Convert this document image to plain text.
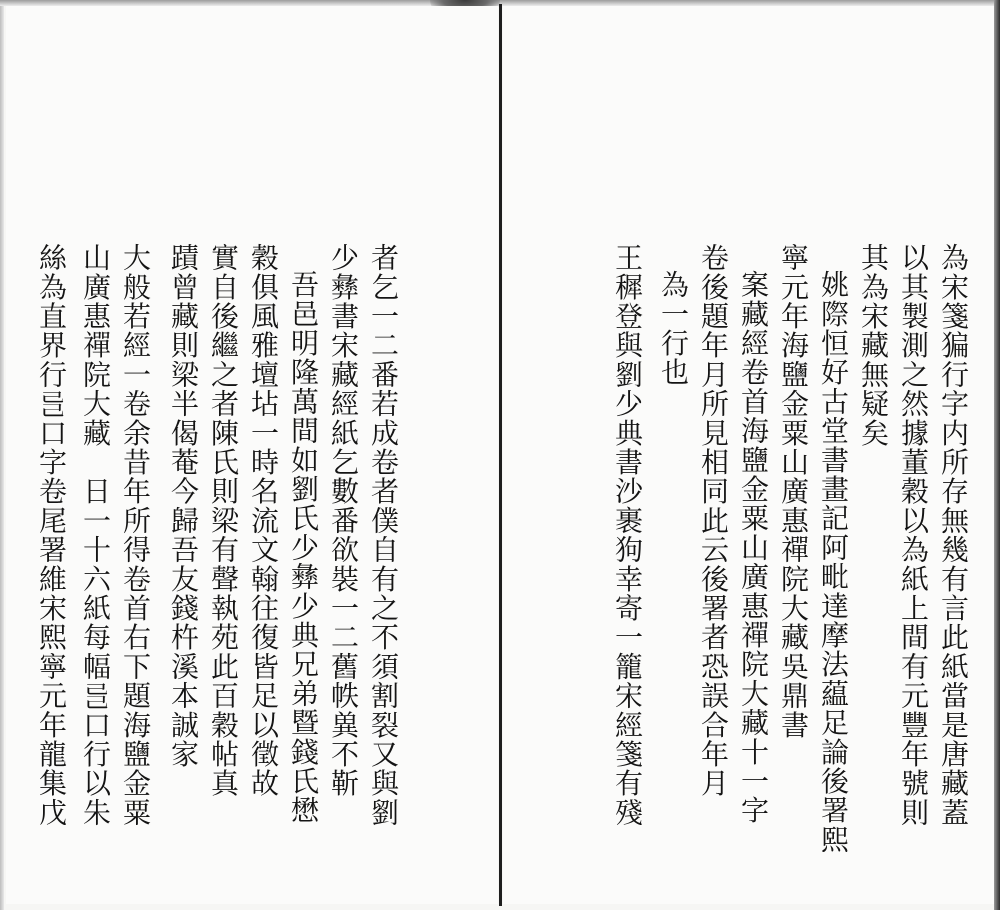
為宋箋猵行字内所存無幾有言此紙當是唐藏蓋
以其製測之然據董穀以為紙上間有元豐年號則
其為宋藏無疑矣
姚際恒好古堂書畫記阿毗達摩法藴足論後署熙
寧元年海鹽金粟山廣惠禪院大藏吳鼎書
案藏經卷首海鹽金粟山廣惠禪院大藏十一字
卷後題年月所見相同此云後署者恐誤合年月
為一行也
王穉登與劉少典書沙裹狗幸寄一籠宋經箋有殘
者乞一二番若成卷者僕自有之不須割裂又與劉
少彝書宋藏經紙乞數番欲裝一二舊帙兾不靳
吾邑明隆萬間如劉氏少彝少典兄弟暨錢氏懋
穀俱風雅壇坫一時名流文翰往復皆足以徵故
實自後繼之者陳氏則梁有聲執苑此百穀帖真
蹟曾藏則梁半偈菴今歸吾友錢杵溪本誠家
大般若經一卷余昔年所得卷首右下題海鹽金粟
山廣惠禪院大藏　日一十六紙每幅𢀵口行以朱
絲為直界行𢀵口字卷尾署維宋熙寧元年龍集戊
